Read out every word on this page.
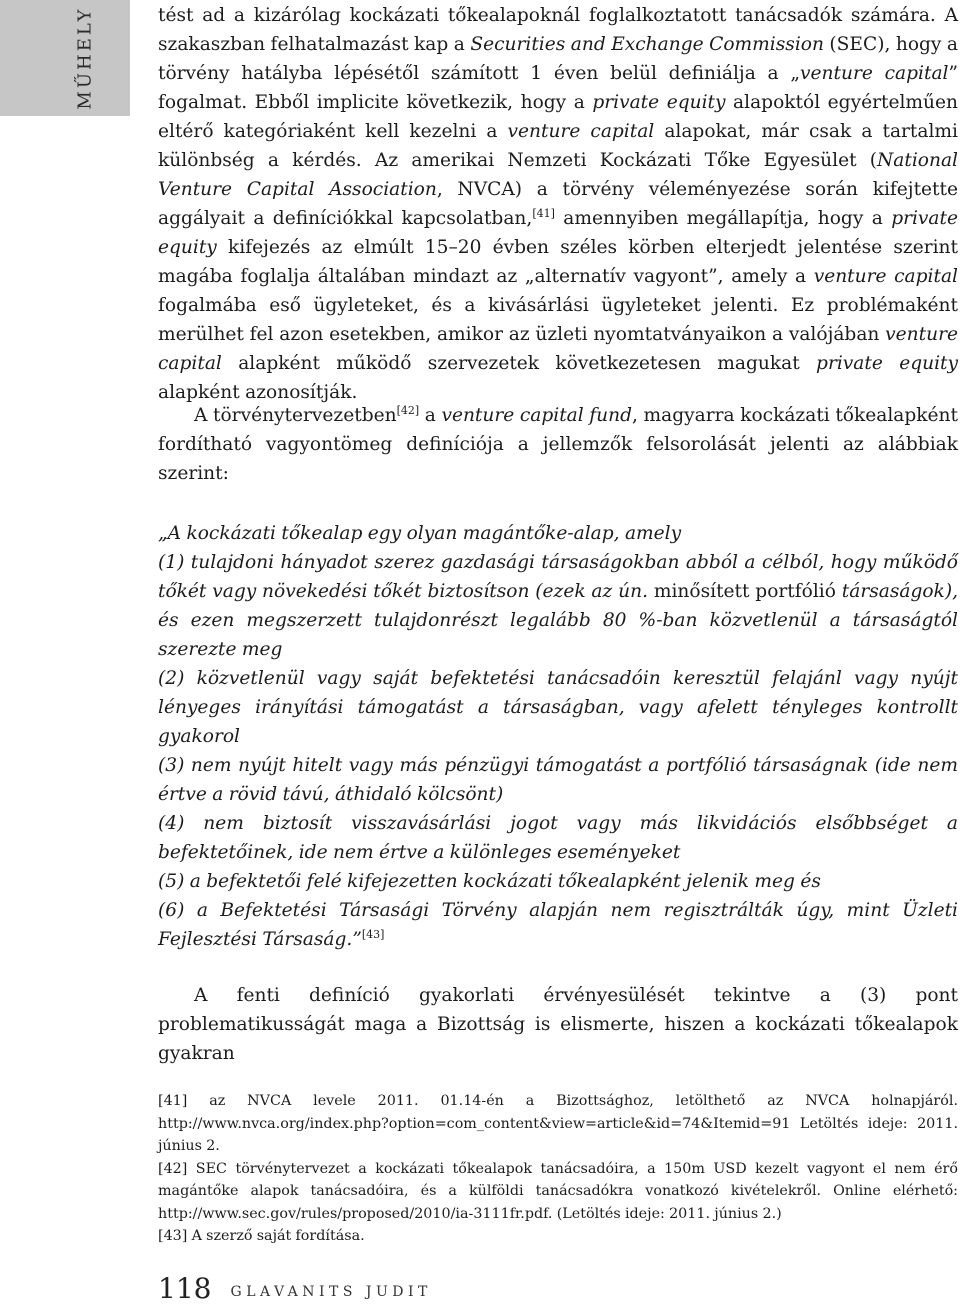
MŰHELY	tést ad a kizárólag kockázati tőkealapoknál foglalkoztatott tanácsadók számára. A szakaszban felhatalmazást kap a Securities and Exchange Commission (SEC), hogy a törvény hatályba lépésétől számított 1 éven belül definiálja a „venture capital” fogalmat. Ebből implicite következik, hogy a private equity alapoktól egyértelműen eltérő kategóriaként kell kezelni a venture capital alapokat, már csak a tartalmi különbség a kérdés. Az amerikai Nemzeti Kockázati Tőke Egyesület (National Venture Capital Association, NVCA) a törvény véleményezése során kifejtette aggályait a definíciókkal kapcsolatban,[41] amennyiben megállapítja, hogy a private equity kifejezés az elmúlt 15–20 évben széles körben elterjedt jelentése szerint magába foglalja általában mindazt az „alternatív vagyont”, amely a venture capital fogalmába eső ügyleteket, és a kivásárlási ügyleteket jelenti. Ez problémaként merülhet fel azon esetekben, amikor az üzleti nyomtatványaikon a valójában venture capital alapként működő szervezetek következetesen magukat private equity alapként azonosítják.

A törvénytervezetben[42] a venture capital fund, magyarra kockázati tőkealapként fordítható vagyontömeg definíciója a jellemzők felsorolását jelenti az alábbiak szerint:

„A kockázati tőkealap egy olyan magántőke-alap, amely

(1) tulajdoni hányadot szerez gazdasági társaságokban abból a célból, hogy működő tőkét vagy növekedési tőkét biztosítson (ezek az ún. minősített portfólió társaságok), és ezen megszerzett tulajdonrészt legalább 80 %-ban közvetlenül a társaságtól szerezte meg

(2) közvetlenül vagy saját befektetési tanácsadóin keresztül felajánl vagy nyújt lényeges irányítási támogatást a társaságban, vagy afelett tényleges kontrollt gyakorol

(3) nem nyújt hitelt vagy más pénzügyi támogatást a portfólió társaságnak (ide nem értve a rövid távú, áthidaló kölcsönt)

(4) nem biztosít visszavásárlási jogot vagy más likvidációs elsőbbséget a befektetőinek, ide nem értve a különleges eseményeket

(5) a befektetői felé kifejezetten kockázati tőkealapként jelenik meg és

(6) a Befektetési Társasági Törvény alapján nem regisztrálták úgy, mint Üzleti Fejlesztési Társaság.”[43]

A fenti definíció gyakorlati érvényesülését tekintve a (3) pont problematikusságát maga a Bizottság is elismerte, hiszen a kockázati tőkealapok gyakran

[41] az NVCA levele 2011. 01.14-én a Bizottsághoz, letölthető az NVCA holnapjáról. http://www.nvca.org/index.php?option=com_content&view=article&id=74&Itemid=91 Letöltés ideje: 2011. június 2.

[42] SEC törvénytervezet a kockázati tőkealapok tanácsadóira, a 150m USD kezelt vagyont el nem érő magántőke alapok tanácsadóira, és a külföldi tanácsadókra vonatkozó kivételekről. Online elérhető: http://www.sec.gov/rules/proposed/2010/ia-3111fr.pdf. (Letöltés ideje: 2011. június 2.)

[43] A szerző saját fordítása.

118 GLAVANITS JUDIT
